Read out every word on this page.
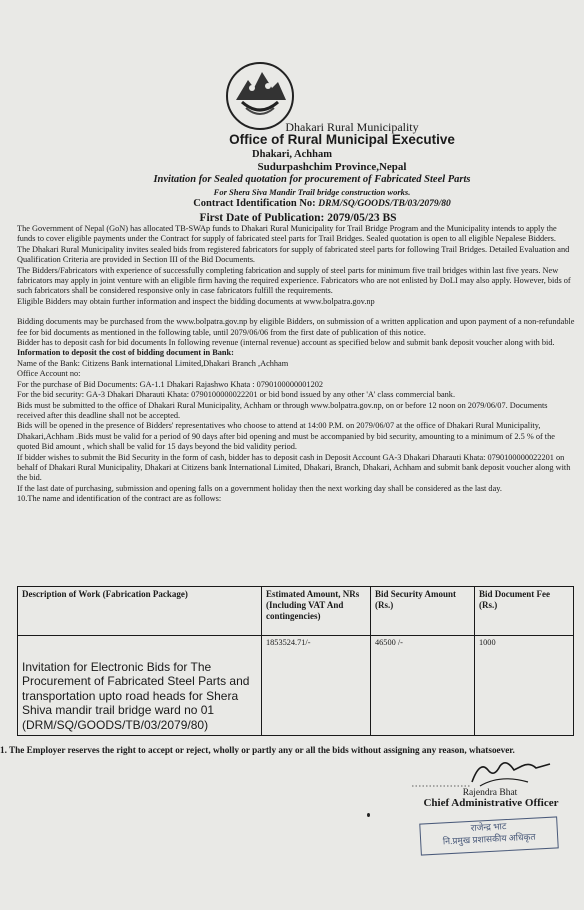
Dhakari Rural Municipality
Office of Rural Municipal Executive
Dhakari, Achham
Sudurpashchim Province,Nepal
Invitation for Sealed quotation for procurement of Fabricated Steel Parts
For Shera Siva Mandir Trail bridge construction works.
Contract Identification No: DRM/SQ/GOODS/TB/03/2079/80
First Date of Publication: 2079/05/23 BS

The Government of Nepal (GoN) has allocated TB-SWAp funds to Dhakari Rural Municipality for Trail Bridge Program and the Municipality intends to apply the funds to cover eligible payments under the Contract for supply of fabricated steel parts for Trail Bridges. Sealed quotation is open to all eligible Nepalese Bidders.

The Dhakari Rural Municipality invites sealed bids from registered fabricators for supply of fabricated steel parts for following Trail Bridges. Detailed Evaluation and Qualification Criteria are provided in Section III of the Bid Documents.

The Bidders/Fabricators with experience of successfully completing fabrication and supply of steel parts for minimum five trail bridges within last five years. New fabricators may apply in joint venture with an eligible firm having the required experience. Fabricators who are not enlisted by DoLI may also apply. However, bids of such fabricators shall be considered responsive only in case fabricators fulfill the requirements.

Eligible Bidders may obtain further information and inspect the bidding documents at www.bolpatra.gov.np

Bidding documents may be purchased from the www.bolpatra.gov.np by eligible Bidders, on submission of a written application and upon payment of a non-refundable fee for bid documents as mentioned in the following table, until 2079/06/06 from the first date of publication of this notice.

Bidder has to deposit cash for bid documents In following revenue (internal revenue) account as specified below and submit bank deposit voucher along with bid.

Information to deposit the cost of bidding document in Bank:

Name of the Bank: Citizens Bank international Limited,Dhakari Branch ,Achham

Office Account no:

For the purchase of Bid Documents: GA-1.1 Dhakari Rajashwo Khata : 0790100000001202

For the bid security: GA-3 Dhakari Dharauti Khata: 0790100000022201 or bid bond issued by any other 'A' class commercial bank.

Bids must be submitted to the office of Dhakari Rural Municipality, Achham or through www.bolpatra.gov.np, on or before 12 noon on 2079/06/07. Documents received after this deadline shall not be accepted.

Bids will be opened in the presence of Bidders' representatives who choose to attend at 14:00 P.M. on 2079/06/07 at the office of Dhakari Rural Municipality, Dhakari,Achham .Bids must be valid for a period of 90 days after bid opening and must be accompanied by bid security, amounting to a minimum of 2.5 % of the quoted Bid amount , which shall be valid for 15 days beyond the bid validity period.

If bidder wishes to submit the Bid Security in the form of cash, bidder has to deposit cash in Deposit Account GA-3 Dhakari Dharauti Khata: 0790100000022201 on behalf of Dhakari Rural Municipality, Dhakari at Citizens bank International Limited, Dhakari, Branch, Dhakari, Achham and submit bank deposit voucher along with the bid.

If the last date of purchasing, submission and opening falls on a government holiday then the next working day shall be considered as the last day.

10.The name and identification of the contract are as follows:

Description of Work (Fabrication Package)	Estimated Amount, NRs (Including VAT And contingencies)	Bid Security Amount (Rs.)	Bid Document Fee (Rs.)
Invitation for Electronic Bids for The Procurement of Fabricated Steel Parts and transportation upto road heads for Shera Shiva mandir trail bridge ward no 01 (DRM/SQ/GOODS/TB/03/2079/80)	1853524.71/-	46500 /-	1000
1. The Employer reserves the right to accept or reject, wholly or partly any or all the bids without assigning any reason, whatsoever.
Rajendra Bhat
Chief Administrative Officer
राजेन्द्र भाट
नि.प्रमुख प्रशासकीय अधिकृत
